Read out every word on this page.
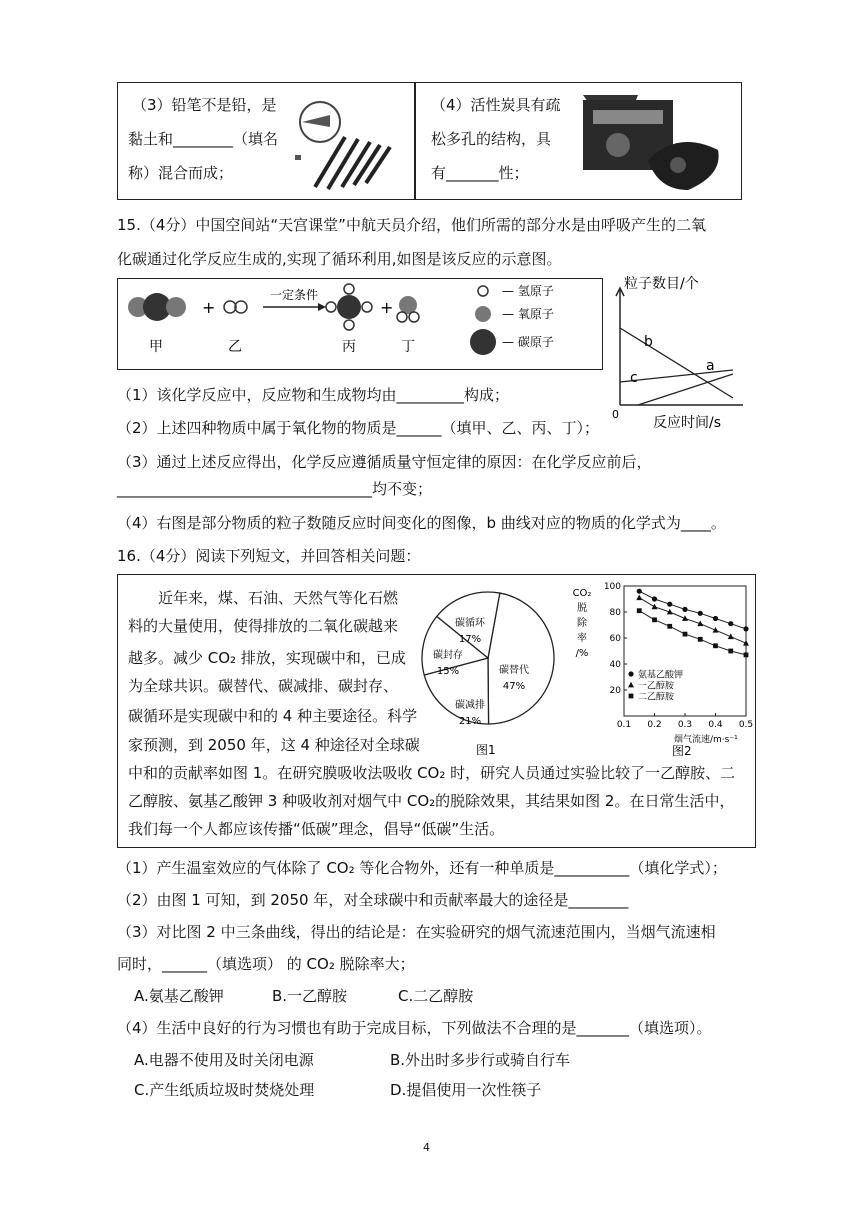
（3）铅笔不是铅，是
黏土和________（填名
称）混合而成；
（4）活性炭具有疏
松多孔的结构，具
有_______性；
15.（4分）中国空间站“天宫课堂”中航天员介绍，他们所需的部分水是由呼吸产生的二氧
化碳通过化学反应生成的,实现了循环利用,如图是该反应的示意图。
+
一定条件
+
甲	乙	丙	丁
— 氢原子
— 氧原子
— 碳原子
粒子数目/个
反应时间/s
0
b
a
c
（1）该化学反应中，反应物和生成物均由_________构成；
（2）上述四种物质中属于氧化物的物质是______（填甲、乙、丙、丁）；
（3）通过上述反应得出，化学反应遵循质量守恒定律的原因：在化学反应前后，
__________________________________均不变；
（4）右图是部分物质的粒子数随反应时间变化的图像，b 曲线对应的物质的化学式为____。
16.（4分）阅读下列短文，并回答相关问题：
近年来，煤、石油、天然气等化石燃
料的大量使用，使得排放的二氧化碳越来
越多。减少 CO₂ 排放，实现碳中和，已成
为全球共识。碳替代、碳减排、碳封存、
碳循环是实现碳中和的 4 种主要途径。科学
家预测，到 2050 年，这 4 种途径对全球碳
中和的贡献率如图 1。在研究膜吸收法吸收 CO₂ 时，研究人员通过实验比较了一乙醇胺、二
乙醇胺、氨基乙酸钾 3 种吸收剂对烟气中 CO₂的脱除效果，其结果如图 2。在日常生活中，
我们每一个人都应该传播“低碳”理念，倡导“低碳”生活。
碳替代
47%
碳减排
21%
碳封存
15%
碳循环
17%
图1
CO₂
脱
除
率
/%
20
40
60
80
100
0.1 0.2 0.3 0.4 0.5
氨基乙酸钾
一乙醇胺
二乙醇胺
烟气流速/m·s⁻¹
图2
（1）产生温室效应的气体除了 CO₂ 等化合物外，还有一种单质是__________（填化学式）；
（2）由图 1 可知，到 2050 年，对全球碳中和贡献率最大的途径是________
（3）对比图 2 中三条曲线，得出的结论是：在实验研究的烟气流速范围内，当烟气流速相
同时，______（填选项） 的 CO₂ 脱除率大；
A.氨基乙酸钾	B.一乙醇胺	C.二乙醇胺
（4）生活中良好的行为习惯也有助于完成目标，下列做法不合理的是_______（填选项）。
A.电器不使用及时关闭电源	B.外出时多步行或骑自行车
C.产生纸质垃圾时焚烧处理	D.提倡使用一次性筷子
4
